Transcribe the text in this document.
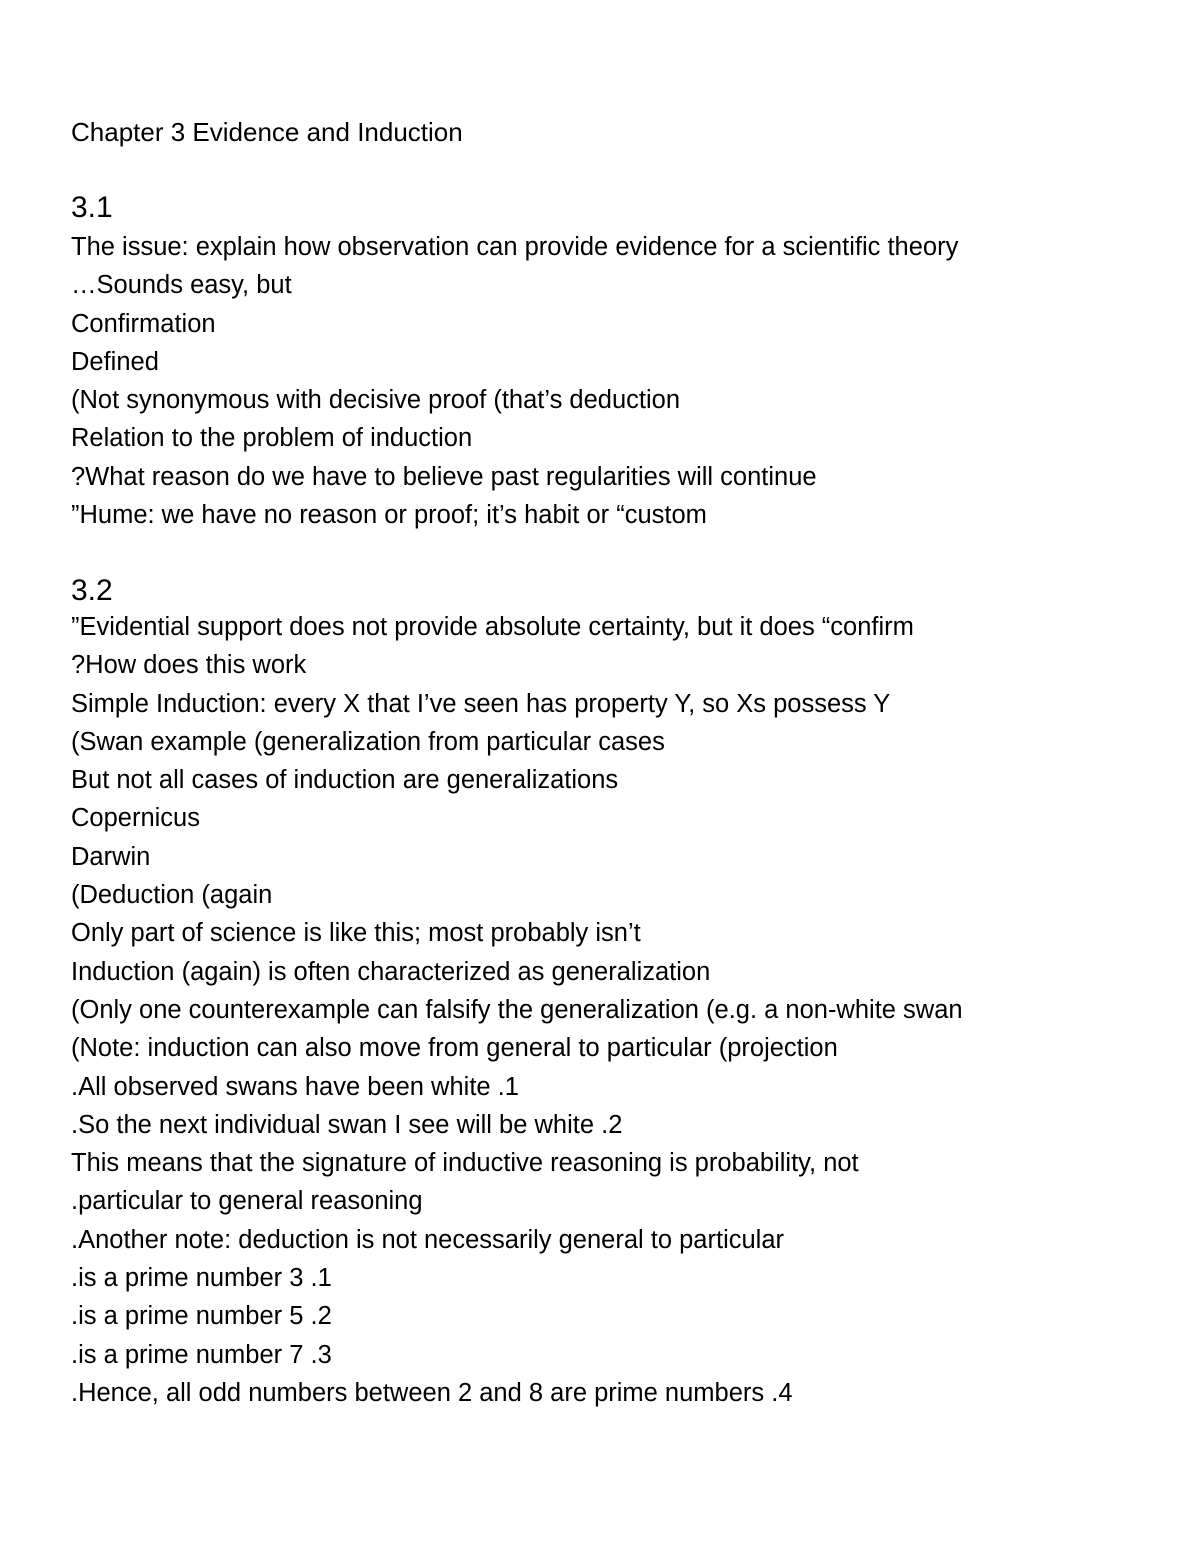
Chapter 3 Evidence and Induction
3.1
The issue: explain how observation can provide evidence for a scientific theory
…Sounds easy, but
Confirmation
Defined
(Not synonymous with decisive proof (that’s deduction
Relation to the problem of induction
?What reason do we have to believe past regularities will continue
”Hume: we have no reason or proof; it’s habit or “custom
3.2
”Evidential support does not provide absolute certainty, but it does “confirm
?How does this work
Simple Induction: every X that I’ve seen has property Y, so Xs possess Y
(Swan example (generalization from particular cases
But not all cases of induction are generalizations
Copernicus
Darwin
(Deduction (again
Only part of science is like this; most probably isn’t
Induction (again) is often characterized as generalization
(Only one counterexample can falsify the generalization (e.g. a non-white swan
(Note: induction can also move from general to particular (projection
.All observed swans have been white .1
.So the next individual swan I see will be white .2
This means that the signature of inductive reasoning is probability, not
.particular to general reasoning
.Another note: deduction is not necessarily general to particular
.is a prime number 3 .1
.is a prime number 5 .2
.is a prime number 7 .3
.Hence, all odd numbers between 2 and 8 are prime numbers .4
